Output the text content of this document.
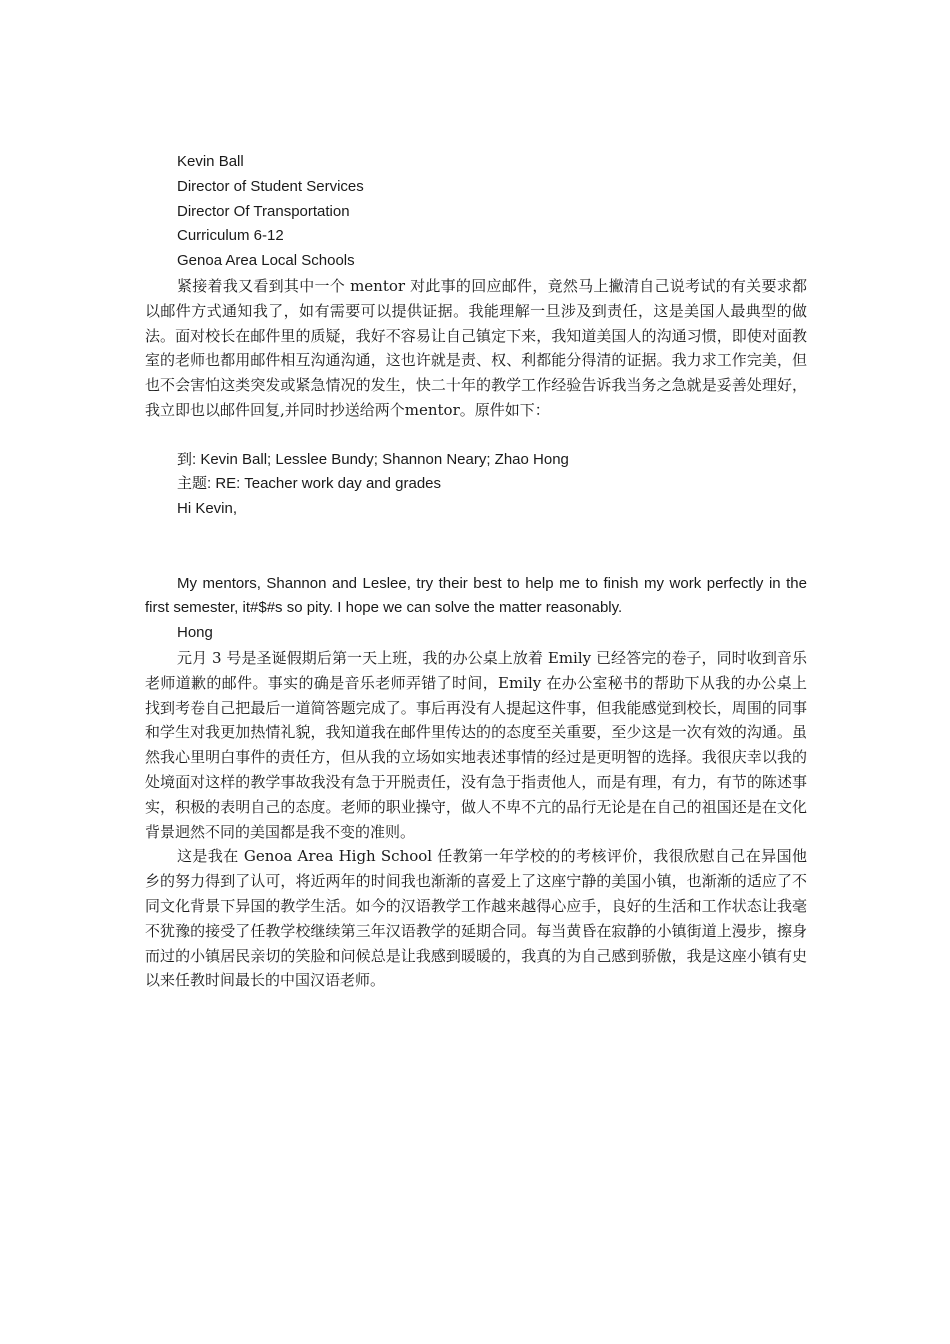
Kevin Ball

Director of Student Services

Director Of Transportation

Curriculum 6-12

Genoa Area Local Schools

紧接着我又看到其中一个 mentor 对此事的回应邮件，竟然马上撇清自己说考试的有关要求都以邮件方式通知我了，如有需要可以提供证据。我能理解一旦涉及到责任，这是美国人最典型的做法。面对校长在邮件里的质疑，我好不容易让自己镇定下来，我知道美国人的沟通习惯，即使对面教室的老师也都用邮件相互沟通沟通，这也许就是责、权、利都能分得清的证据。我力求工作完美，但也不会害怕这类突发或紧急情况的发生，快二十年的教学工作经验告诉我当务之急就是妥善处理好，我立即也以邮件回复,并同时抄送给两个mentor。原件如下：

到: Kevin Ball; Lesslee Bundy; Shannon Neary; Zhao Hong

主题: RE: Teacher work day and grades

Hi Kevin,

My mentors, Shannon and Leslee, try their best to help me to finish my work perfectly in the first semester, it#$#s so pity. I hope we can solve the matter reasonably.

Hong

元月 3 号是圣诞假期后第一天上班，我的办公桌上放着 Emily 已经答完的卷子，同时收到音乐老师道歉的邮件。事实的确是音乐老师弄错了时间，Emily 在办公室秘书的帮助下从我的办公桌上找到考卷自己把最后一道简答题完成了。事后再没有人提起这件事，但我能感觉到校长，周围的同事和学生对我更加热情礼貌，我知道我在邮件里传达的的态度至关重要，至少这是一次有效的沟通。虽然我心里明白事件的责任方，但从我的立场如实地表述事情的经过是更明智的选择。我很庆幸以我的处境面对这样的教学事故我没有急于开脱责任，没有急于指责他人，而是有理，有力，有节的陈述事实，积极的表明自己的态度。老师的职业操守，做人不卑不亢的品行无论是在自己的祖国还是在文化背景迥然不同的美国都是我不变的准则。

这是我在 Genoa Area High School 任教第一年学校的的考核评价，我很欣慰自己在异国他乡的努力得到了认可，将近两年的时间我也渐渐的喜爱上了这座宁静的美国小镇，也渐渐的适应了不同文化背景下异国的教学生活。如今的汉语教学工作越来越得心应手，良好的生活和工作状态让我毫不犹豫的接受了任教学校继续第三年汉语教学的延期合同。每当黄昏在寂静的小镇街道上漫步，擦身而过的小镇居民亲切的笑脸和问候总是让我感到暖暖的，我真的为自己感到骄傲，我是这座小镇有史以来任教时间最长的中国汉语老师。
